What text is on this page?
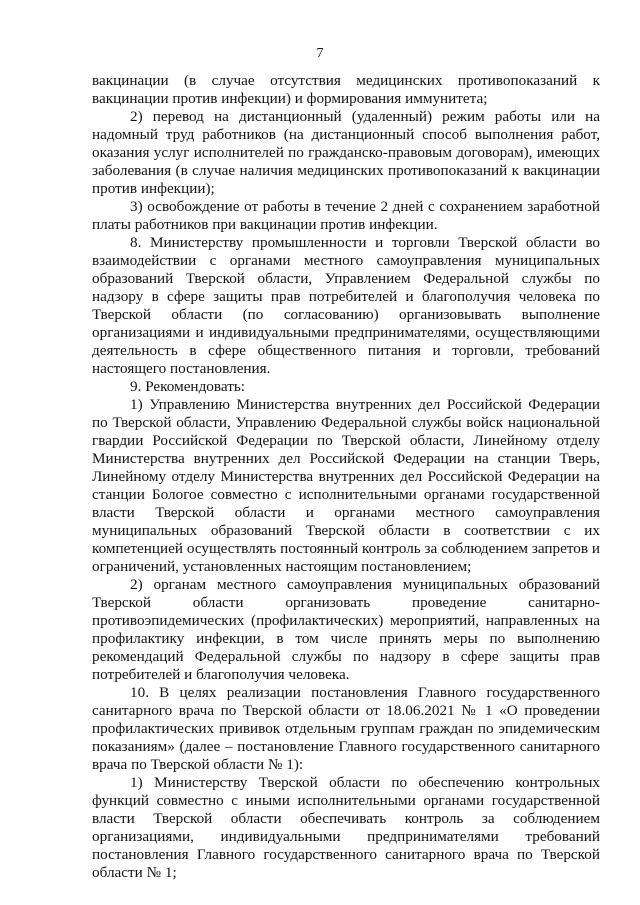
7

вакцинации (в случае отсутствия медицинских противопоказаний к вакцинации против инфекции) и формирования иммунитета;

2) перевод на дистанционный (удаленный) режим работы или на надомный труд работников (на дистанционный способ выполнения работ, оказания услуг исполнителей по гражданско-правовым договорам), имеющих заболевания (в случае наличия медицинских противопоказаний к вакцинации против инфекции);

3) освобождение от работы в течение 2 дней с сохранением заработной платы работников при вакцинации против инфекции.

8. Министерству промышленности и торговли Тверской области во взаимодействии с органами местного самоуправления муниципальных образований Тверской области, Управлением Федеральной службы по надзору в сфере защиты прав потребителей и благополучия человека по Тверской области (по согласованию) организовывать выполнение организациями и индивидуальными предпринимателями, осуществляющими деятельность в сфере общественного питания и торговли, требований настоящего постановления.

9. Рекомендовать:

1) Управлению Министерства внутренних дел Российской Федерации по Тверской области, Управлению Федеральной службы войск национальной гвардии Российской Федерации по Тверской области, Линейному отделу Министерства внутренних дел Российской Федерации на станции Тверь, Линейному отделу Министерства внутренних дел Российской Федерации на станции Бологое совместно с исполнительными органами государственной власти Тверской области и органами местного самоуправления муниципальных образований Тверской области в соответствии с их компетенцией осуществлять постоянный контроль за соблюдением запретов и ограничений, установленных настоящим постановлением;

2) органам местного самоуправления муниципальных образований Тверской области организовать проведение санитарно-противоэпидемических (профилактических) мероприятий, направленных на профилактику инфекции, в том числе принять меры по выполнению рекомендаций Федеральной службы по надзору в сфере защиты прав потребителей и благополучия человека.

10. В целях реализации постановления Главного государственного санитарного врача по Тверской области от 18.06.2021 № 1 «О проведении профилактических прививок отдельным группам граждан по эпидемическим показаниям» (далее – постановление Главного государственного санитарного врача по Тверской области № 1):

1) Министерству Тверской области по обеспечению контрольных функций совместно с иными исполнительными органами государственной власти Тверской области обеспечивать контроль за соблюдением организациями, индивидуальными предпринимателями требований постановления Главного государственного санитарного врача по Тверской области № 1;
